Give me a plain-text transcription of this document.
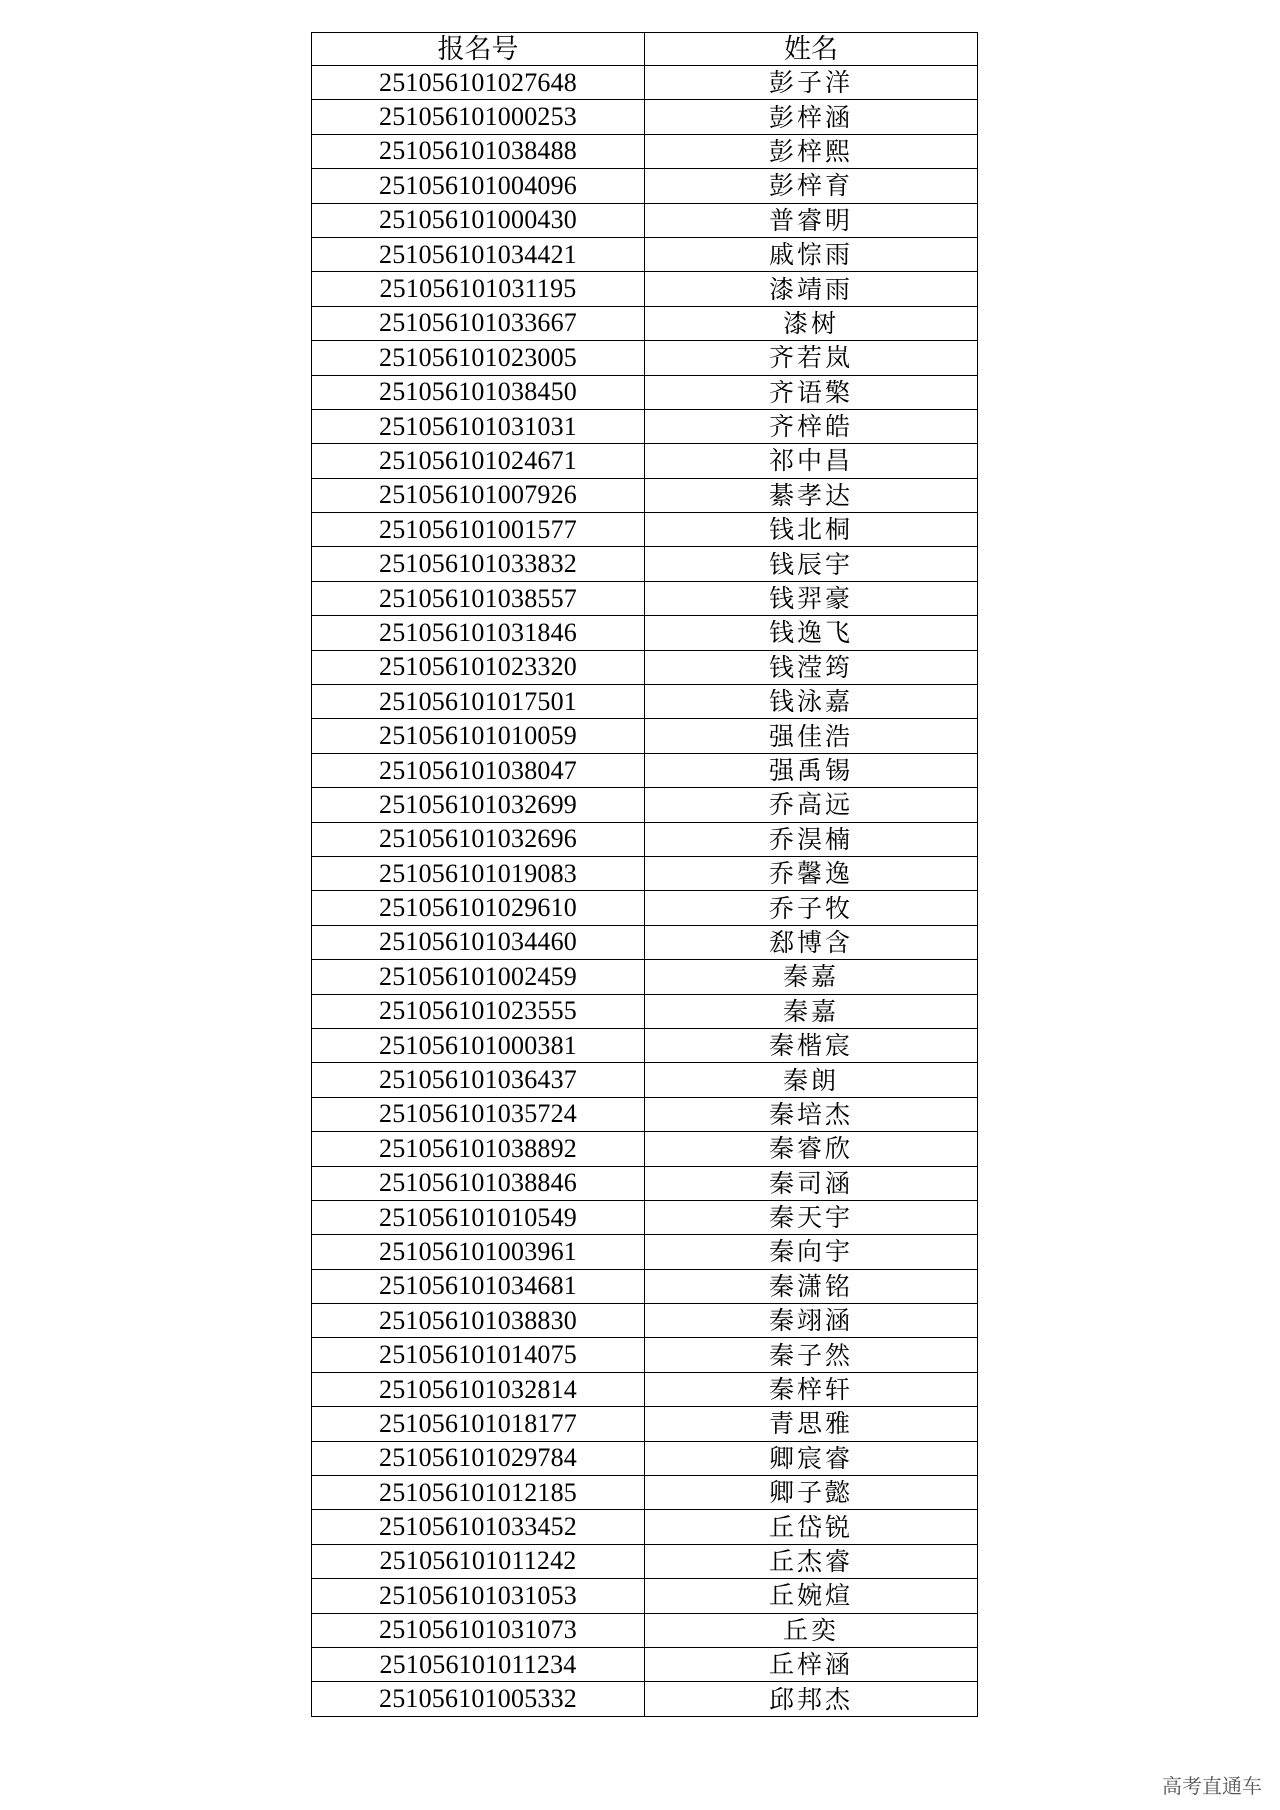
报名号	姓名
251056101027648	彭子洋
251056101000253	彭梓涵
251056101038488	彭梓熙
251056101004096	彭梓育
251056101000430	普睿明
251056101034421	戚悰雨
251056101031195	漆靖雨
251056101033667	漆树
251056101023005	齐若岚
251056101038450	齐语檠
251056101031031	齐梓皓
251056101024671	祁中昌
251056101007926	綦孝达
251056101001577	钱北桐
251056101033832	钱辰宇
251056101038557	钱羿豪
251056101031846	钱逸飞
251056101023320	钱滢筠
251056101017501	钱泳嘉
251056101010059	强佳浩
251056101038047	强禹锡
251056101032699	乔高远
251056101032696	乔淏楠
251056101019083	乔馨逸
251056101029610	乔子牧
251056101034460	郄博含
251056101002459	秦嘉
251056101023555	秦嘉
251056101000381	秦楷宸
251056101036437	秦朗
251056101035724	秦培杰
251056101038892	秦睿欣
251056101038846	秦司涵
251056101010549	秦天宇
251056101003961	秦向宇
251056101034681	秦潇铭
251056101038830	秦翊涵
251056101014075	秦子然
251056101032814	秦梓轩
251056101018177	青思雅
251056101029784	卿宸睿
251056101012185	卿子懿
251056101033452	丘岱锐
251056101011242	丘杰睿
251056101031053	丘婉煊
251056101031073	丘奕
251056101011234	丘梓涵
251056101005332	邱邦杰
高考直通车
